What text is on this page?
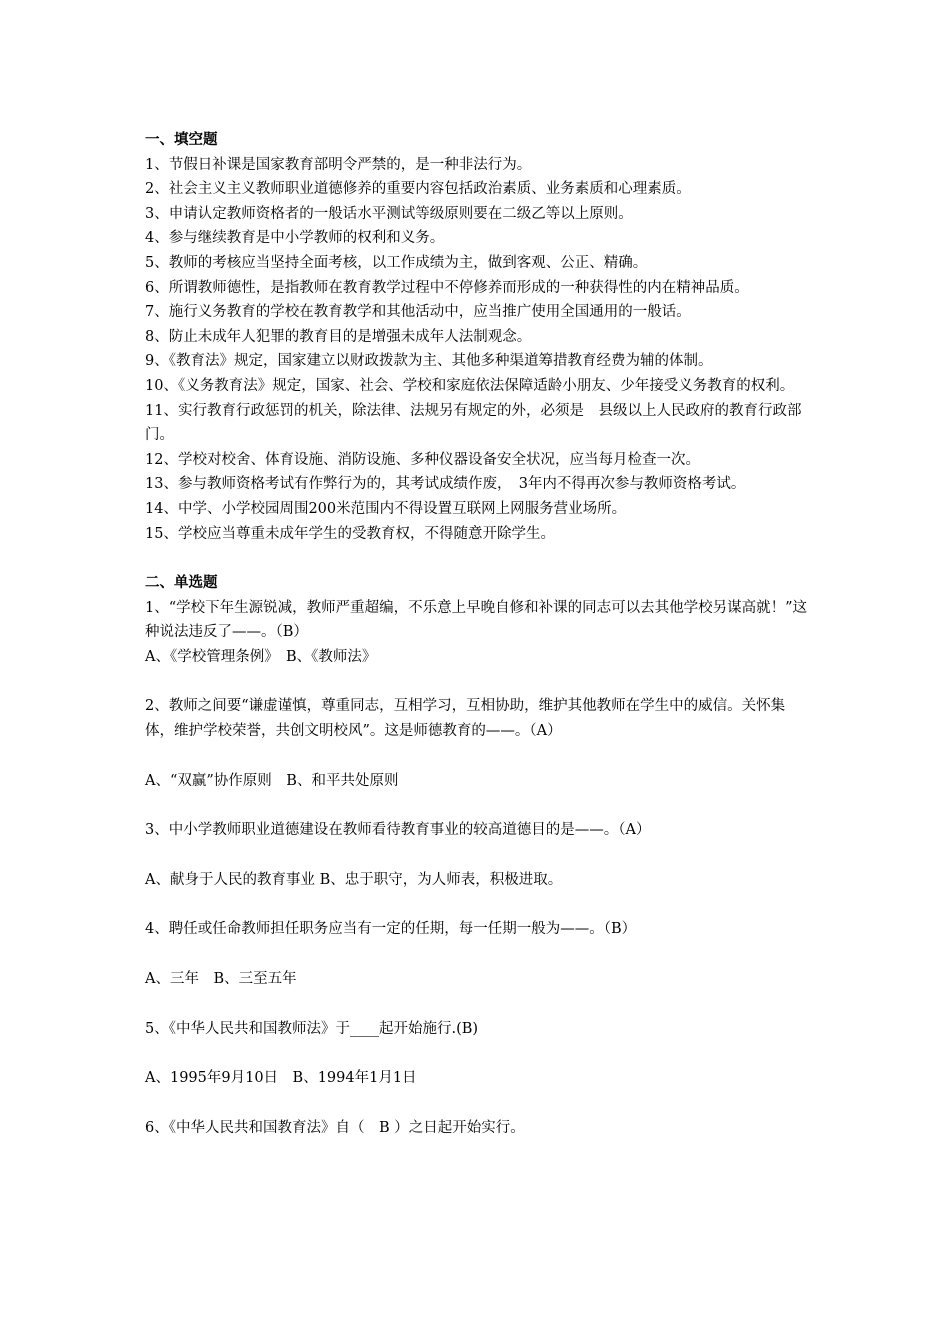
一、填空题

1、节假日补课是国家教育部明令严禁的，是一种非法行为。

2、社会主义主义教师职业道德修养的重要内容包括政治素质、业务素质和心理素质。

3、申请认定教师资格者的一般话水平测试等级原则要在二级乙等以上原则。

4、参与继续教育是中小学教师的权利和义务。

5、教师的考核应当坚持全面考核，以工作成绩为主，做到客观、公正、精确。

6、所谓教师德性，是指教师在教育教学过程中不停修养而形成的一种获得性的内在精神品质。

7、施行义务教育的学校在教育教学和其他活动中，应当推广使用全国通用的一般话。

8、防止未成年人犯罪的教育目的是增强未成年人法制观念。

9、《教育法》规定，国家建立以财政拨款为主、其他多种渠道筹措教育经费为辅的体制。

10、《义务教育法》规定，国家、社会、学校和家庭依法保障适龄小朋友、少年接受义务教育的权利。

11、实行教育行政惩罚的机关，除法律、法规另有规定的外，必须是　县级以上人民政府的教育行政部门。

12、学校对校舍、体育设施、消防设施、多种仪器设备安全状况，应当每月检查一次。

13、参与教师资格考试有作弊行为的，其考试成绩作废，　3年内不得再次参与教师资格考试。

14、中学、小学校园周围200米范围内不得设置互联网上网服务营业场所。

15、学校应当尊重未成年学生的受教育权，不得随意开除学生。

二、单选题

1、“学校下年生源锐减，教师严重超编，不乐意上早晚自修和补课的同志可以去其他学校另谋高就！”这种说法违反了——。（B）

A、《学校管理条例》　B、《教师法》

2、教师之间要“谦虚谨慎，尊重同志，互相学习，互相协助，维护其他教师在学生中的威信。关怀集体，维护学校荣誉，共创文明校风”。这是师德教育的——。（A）

A、“双赢”协作原则　B、和平共处原则

3、中小学教师职业道德建设在教师看待教育事业的较高道德目的是——。（A）

A、献身于人民的教育事业 B、忠于职守，为人师表，积极进取。

4、聘任或任命教师担任职务应当有一定的任期，每一任期一般为——。（B）

A、三年　B、三至五年

5、《中华人民共和国教师法》于____起开始施行.(B)

A、1995年9月10日　B、1994年1月1日

6、《中华人民共和国教育法》自（　B ）之日起开始实行。
